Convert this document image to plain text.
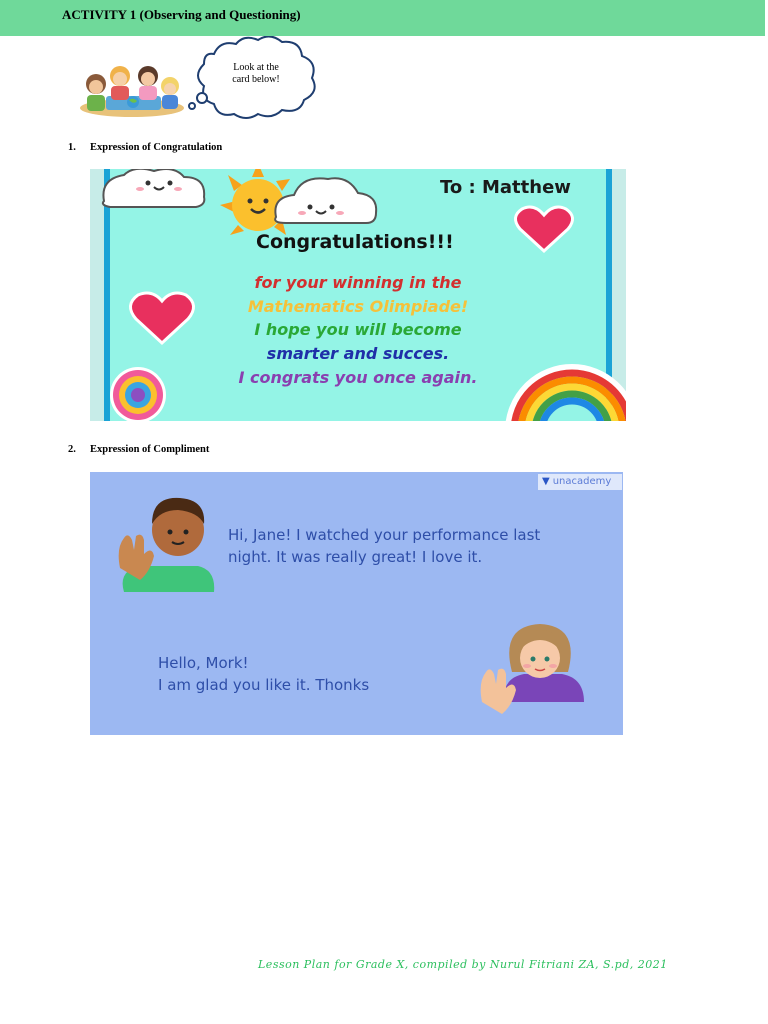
ACTIVITY 1 (Observing and Questioning)
Look at the
card below!
1. Expression of Congratulation
To : Matthew
Congratulations!!!
for your winning in the
Mathematics Olimpiade!
I hope you will become
smarter and succes.
I congrats you once again.
2. Expression of Compliment
▼ unacademy
Hi, Jane! I watched your performance last
night. It was really great! I love it.
Hello, Mork!
I am glad you like it. Thonks
Lesson Plan for Grade X, compiled by Nurul Fitriani ZA, S.pd, 2021
